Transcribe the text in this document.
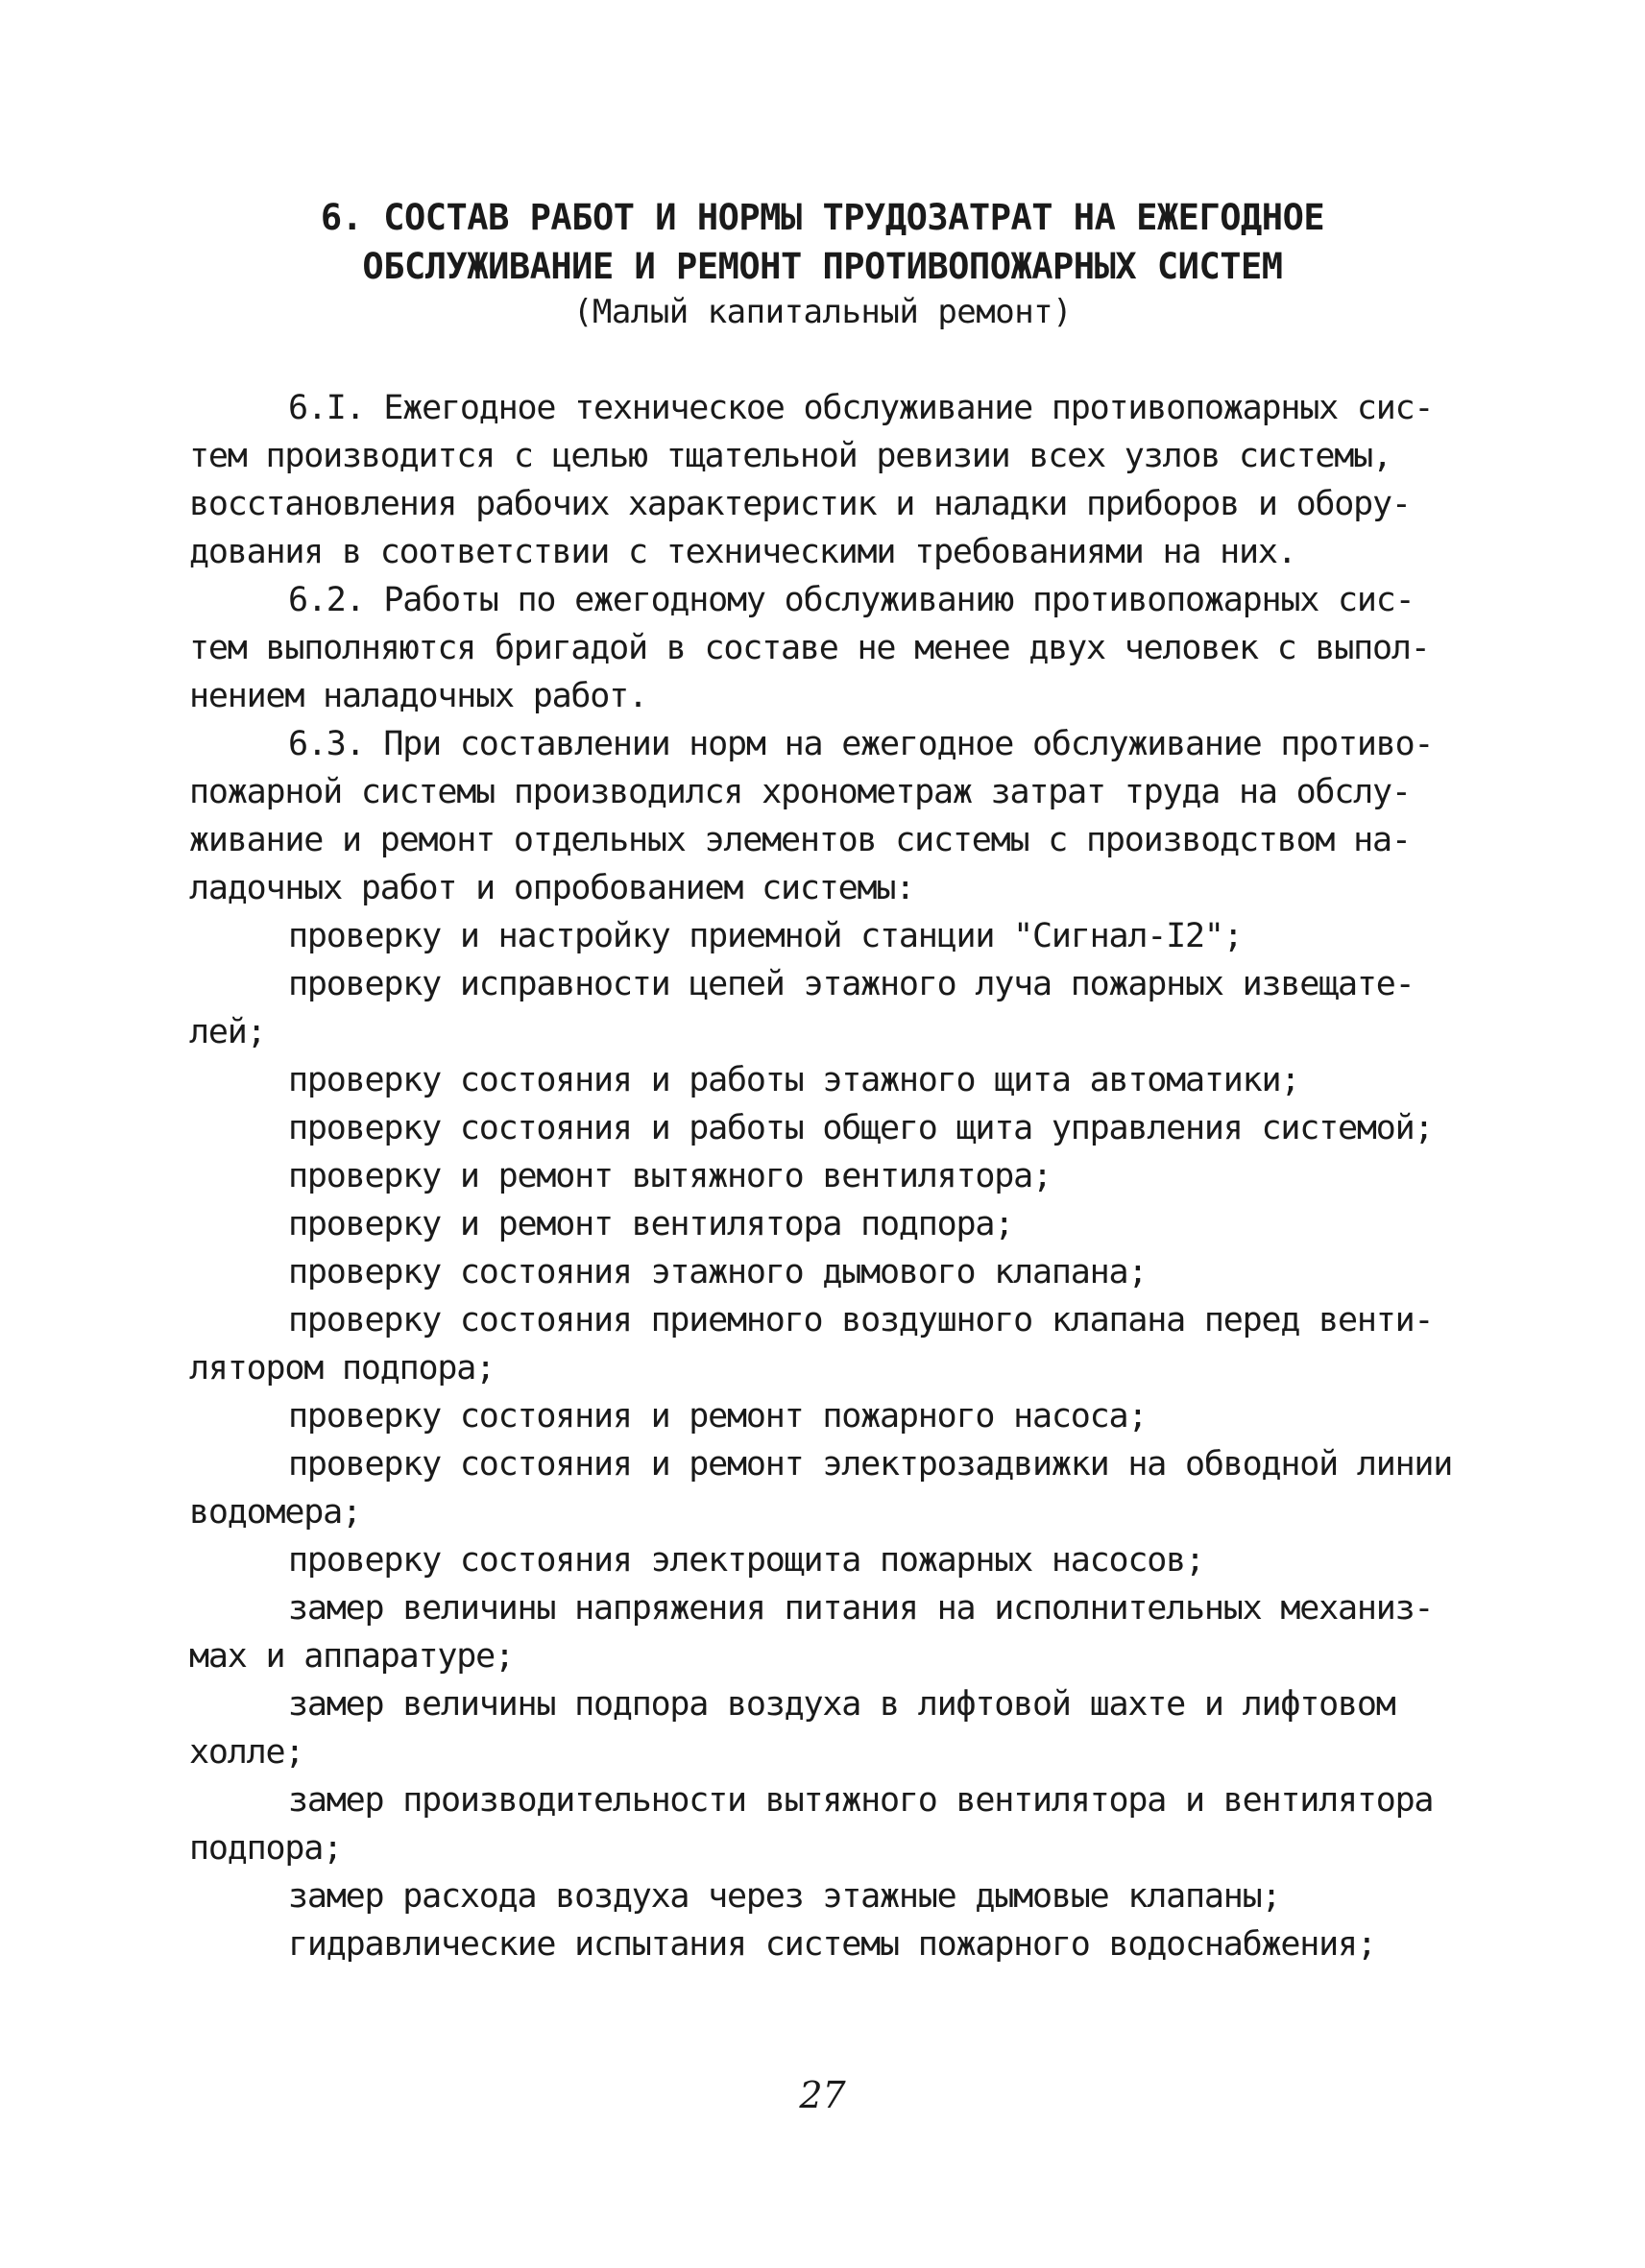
6. СОСТАВ РАБОТ И НОРМЫ ТРУДОЗАТРАТ НА ЕЖЕГОДНОЕ
ОБСЛУЖИВАНИЕ И РЕМОНТ ПРОТИВОПОЖАРНЫХ СИСТЕМ
(Малый капитальный ремонт)
6.I. Ежегодное техническое обслуживание противопожарных сис-
тем производится с целью тщательной ревизии всех узлов системы,
восстановления рабочих характеристик и наладки приборов и обору-
дования в соответствии с техническими требованиями на них.
6.2. Работы по ежегодному обслуживанию противопожарных сис-
тем выполняются бригадой в составе не менее двух человек с выпол-
нением наладочных работ.
6.3. При составлении норм на ежегодное обслуживание противо-
пожарной системы производился хронометраж затрат труда на обслу-
живание и ремонт отдельных элементов системы с производством на-
ладочных работ и опробованием системы:
проверку и настройку приемной станции "Сигнал-I2";
проверку исправности цепей этажного луча пожарных извещате-
лей;
проверку состояния и работы этажного щита автоматики;
проверку состояния и работы общего щита управления системой;
проверку и ремонт вытяжного вентилятора;
проверку и ремонт вентилятора подпора;
проверку состояния этажного дымового клапана;
проверку состояния приемного воздушного клапана перед венти-
лятором подпора;
проверку состояния и ремонт пожарного насоса;
проверку состояния и ремонт электрозадвижки на обводной линии
водомера;
проверку состояния электрощита пожарных насосов;
замер величины напряжения питания на исполнительных механиз-
мах и аппаратуре;
замер величины подпора воздуха в лифтовой шахте и лифтовом
холле;
замер производительности вытяжного вентилятора и вентилятора
подпора;
замер расхода воздуха через этажные дымовые клапаны;
гидравлические испытания системы пожарного водоснабжения;
27
